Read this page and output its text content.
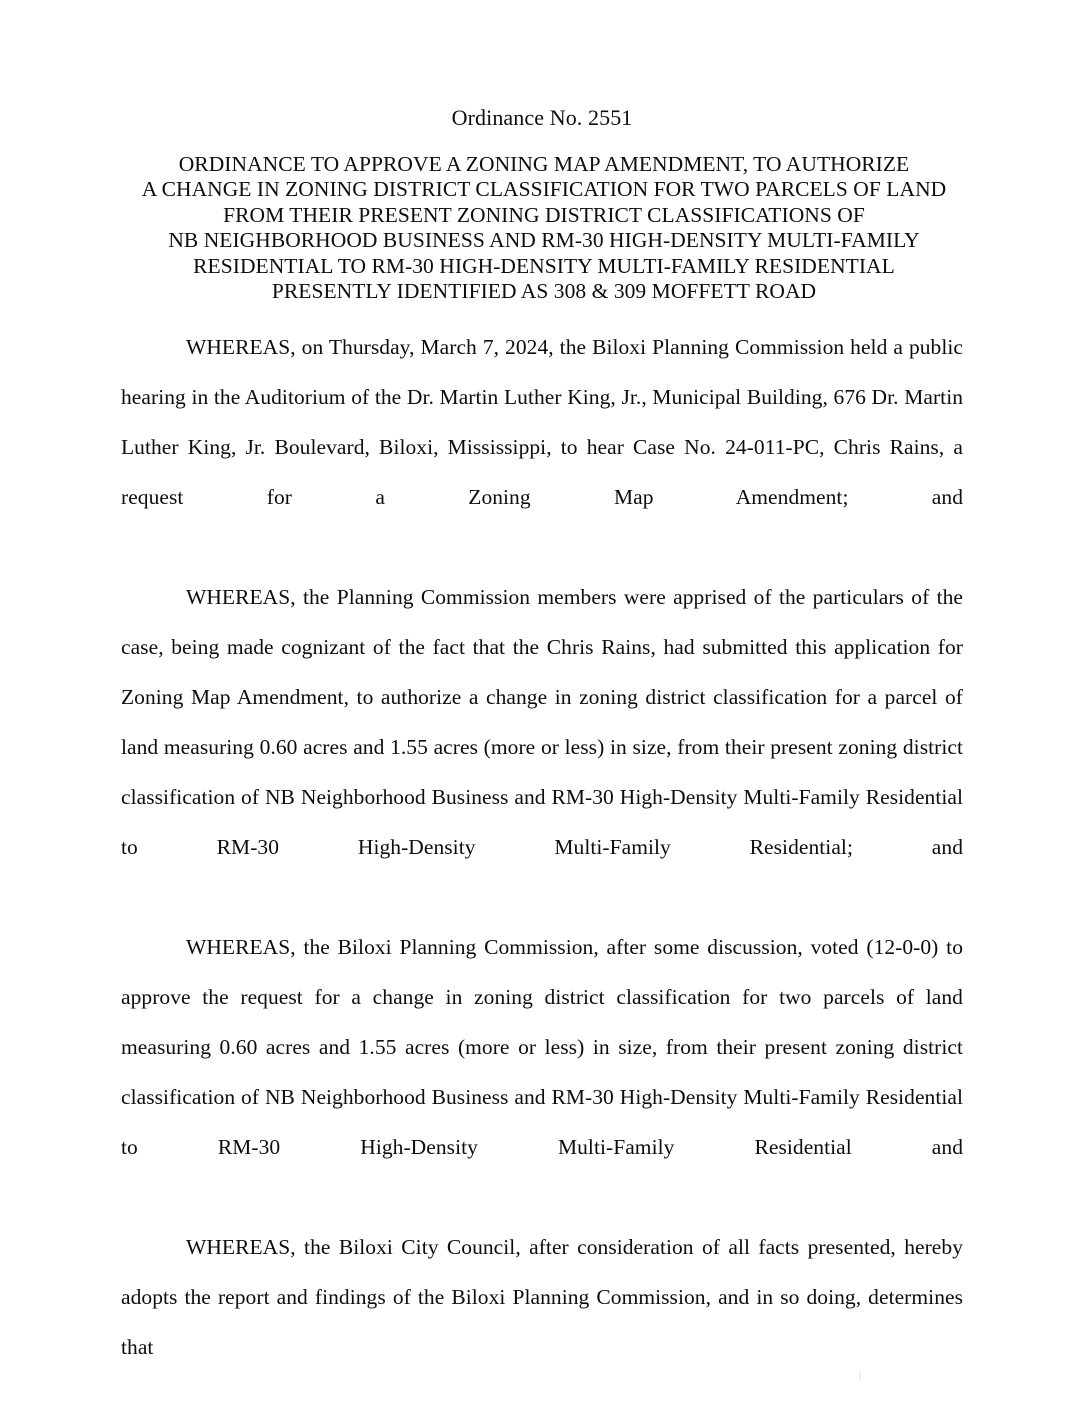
Ordinance No. 2551
ORDINANCE TO APPROVE A ZONING MAP AMENDMENT, TO AUTHORIZE
A CHANGE IN ZONING DISTRICT CLASSIFICATION FOR TWO PARCELS OF LAND
FROM THEIR PRESENT ZONING DISTRICT CLASSIFICATIONS OF
NB NEIGHBORHOOD BUSINESS AND RM-30 HIGH-DENSITY MULTI-FAMILY
RESIDENTIAL TO RM-30 HIGH-DENSITY MULTI-FAMILY RESIDENTIAL
PRESENTLY IDENTIFIED AS 308 & 309 MOFFETT ROAD

WHEREAS, on Thursday, March 7, 2024, the Biloxi Planning Commission held a public hearing in the Auditorium of the Dr. Martin Luther King, Jr., Municipal Building, 676 Dr. Martin Luther King, Jr. Boulevard, Biloxi, Mississippi, to hear Case No. 24-011-PC, Chris Rains, a request for a Zoning Map Amendment; and

WHEREAS, the Planning Commission members were apprised of the particulars of the case, being made cognizant of the fact that the Chris Rains, had submitted this application for Zoning Map Amendment, to authorize a change in zoning district classification for a parcel of land measuring 0.60 acres and 1.55 acres (more or less) in size, from their present zoning district classification of NB Neighborhood Business and RM-30 High-Density Multi-Family Residential to RM-30 High-Density Multi-Family Residential; and

WHEREAS, the Biloxi Planning Commission, after some discussion, voted (12-0-0) to approve the request for a change in zoning district classification for two parcels of land measuring 0.60 acres and 1.55 acres (more or less) in size, from their present zoning district classification of NB Neighborhood Business and RM-30 High-Density Multi-Family Residential to RM-30 High-Density Multi-Family Residential and

WHEREAS, the Biloxi City Council, after consideration of all facts presented, hereby adopts the report and findings of the Biloxi Planning Commission, and in so doing, determines that
